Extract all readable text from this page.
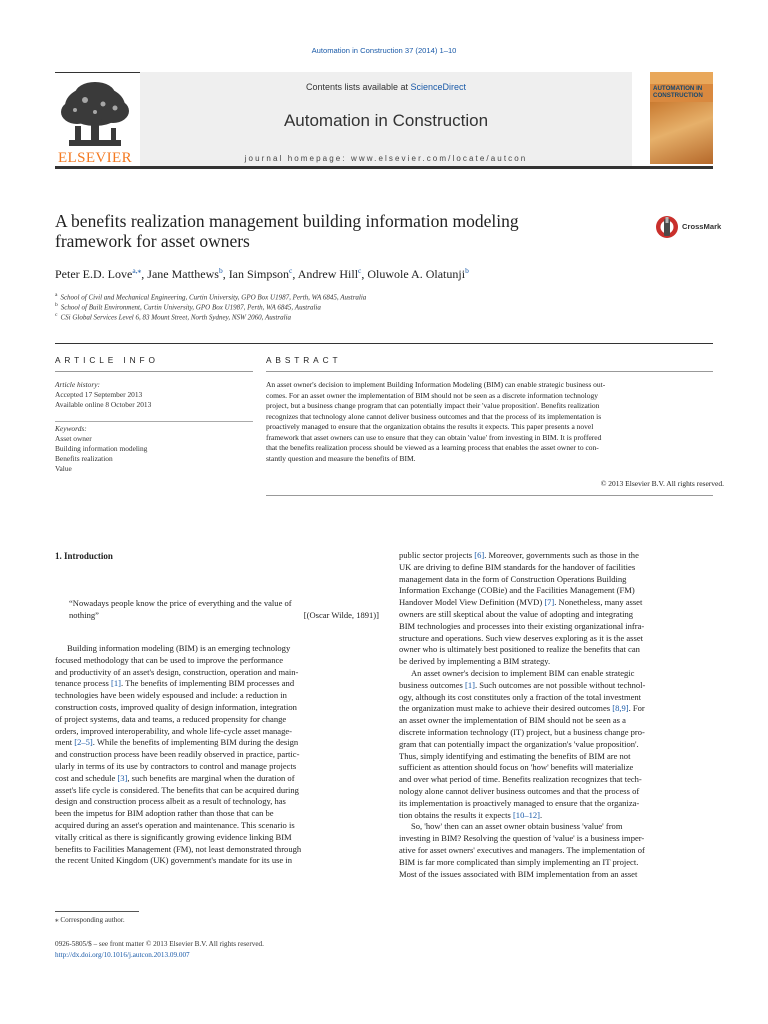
Automation in Construction 37 (2014) 1–10
Contents lists available at ScienceDirect
Automation in Construction
journal homepage: www.elsevier.com/locate/autcon
ELSEVIER
AUTOMATION IN
CONSTRUCTION
A benefits realization management building information modeling framework for asset owners
CrossMark
Peter E.D. Love$^{a,⁎}$, Jane Matthews$^b$, Ian Simpson$^c$, Andrew Hill$^c$, Oluwole A. Olatunji$^b$
$^a$ School of Civil and Mechanical Engineering, Curtin University, GPO Box U1987, Perth, WA 6845, Australia
$^b$ School of Built Environment, Curtin University, GPO Box U1987, Perth, WA 6845, Australia
$^c$ CSi Global Services Level 6, 83 Mount Street, North Sydney, NSW 2060, Australia
ARTICLE INFO	ABSTRACT
Article history:
Accepted 17 September 2013
Available online 8 October 2013
Keywords:
Asset owner
Building information modeling
Benefits realization
Value
An asset owner's decision to implement Building Information Modeling (BIM) can enable strategic business out-
comes. For an asset owner the implementation of BIM should not be seen as a discrete information technology
project, but a business change program that can potentially impact their 'value proposition'. Benefits realization
recognizes that technology alone cannot deliver business outcomes and that the process of its implementation is
proactively managed to ensure that the organization obtains the results it expects. This paper presents a novel
framework that asset owners can use to ensure that they can obtain 'value' from investing in BIM. It is proffered
that the benefits realization process should be viewed as a learning process that enables the asset owner to con-
stantly question and measure the benefits of BIM.
© 2013 Elsevier B.V. All rights reserved.
1. Introduction
“Nowadays people know the price of everything and the value of
nothing”	[(Oscar Wilde, 1891)]
Building information modeling (BIM) is an emerging technology
focused methodology that can be used to improve the performance
and productivity of an asset's design, construction, operation and main-
tenance process [1]. The benefits of implementing BIM processes and
technologies have been widely espoused and include: a reduction in
construction costs, improved quality of design information, integration
of project systems, data and teams, a reduced propensity for change
orders, improved interoperability, and whole life-cycle asset manage-
ment [2–5]. While the benefits of implementing BIM during the design
and construction process have been readily observed in practice, partic-
ularly in terms of its use by contractors to control and manage projects
cost and schedule [3], such benefits are marginal when the duration of
asset's life cycle is considered. The benefits that can be acquired during
design and construction process albeit as a result of technology, has
been the impetus for BIM adoption rather than those that can be
acquired during an asset's operation and maintenance. This scenario is
vitally critical as there is significantly growing evidence linking BIM
benefits to Facilities Management (FM), not least demonstrated through
the recent United Kingdom (UK) government's mandate for its use in
public sector projects [6]. Moreover, governments such as those in the
UK are driving to define BIM standards for the handover of facilities
management data in the form of Construction Operations Building
Information Exchange (COBie) and the Facilities Management (FM)
Handover Model View Definition (MVD) [7]. Nonetheless, many asset
owners are still skeptical about the value of adopting and integrating
BIM technologies and processes into their existing organizational infra-
structure and operations. Such view deserves exploring as it is the asset
owner who is ultimately best positioned to realize the benefits that can
be derived by implementing a BIM strategy.
An asset owner's decision to implement BIM can enable strategic
business outcomes [1]. Such outcomes are not possible without technol-
ogy, although its cost constitutes only a fraction of the total investment
the organization must make to achieve their desired outcomes [8,9]. For
an asset owner the implementation of BIM should not be seen as a
discrete information technology (IT) project, but a business change pro-
gram that can potentially impact the organization's 'value proposition'.
Thus, simply identifying and estimating the benefits of BIM are not
sufficient as attention should focus on 'how' benefits will materialize
and over what period of time. Benefits realization recognizes that tech-
nology alone cannot deliver business outcomes and that the process of
its implementation is proactively managed to ensure that the organiza-
tion obtains the results it expects [10–12].
So, 'how' then can an asset owner obtain business 'value' from
investing in BIM? Resolving the question of 'value' is a business imper-
ative for asset owners' executives and managers. The implementation of
BIM is far more complicated than simply implementing an IT project.
Most of the issues associated with BIM implementation from an asset
⁎ Corresponding author.
0926-5805/$ – see front matter © 2013 Elsevier B.V. All rights reserved.
http://dx.doi.org/10.1016/j.autcon.2013.09.007
